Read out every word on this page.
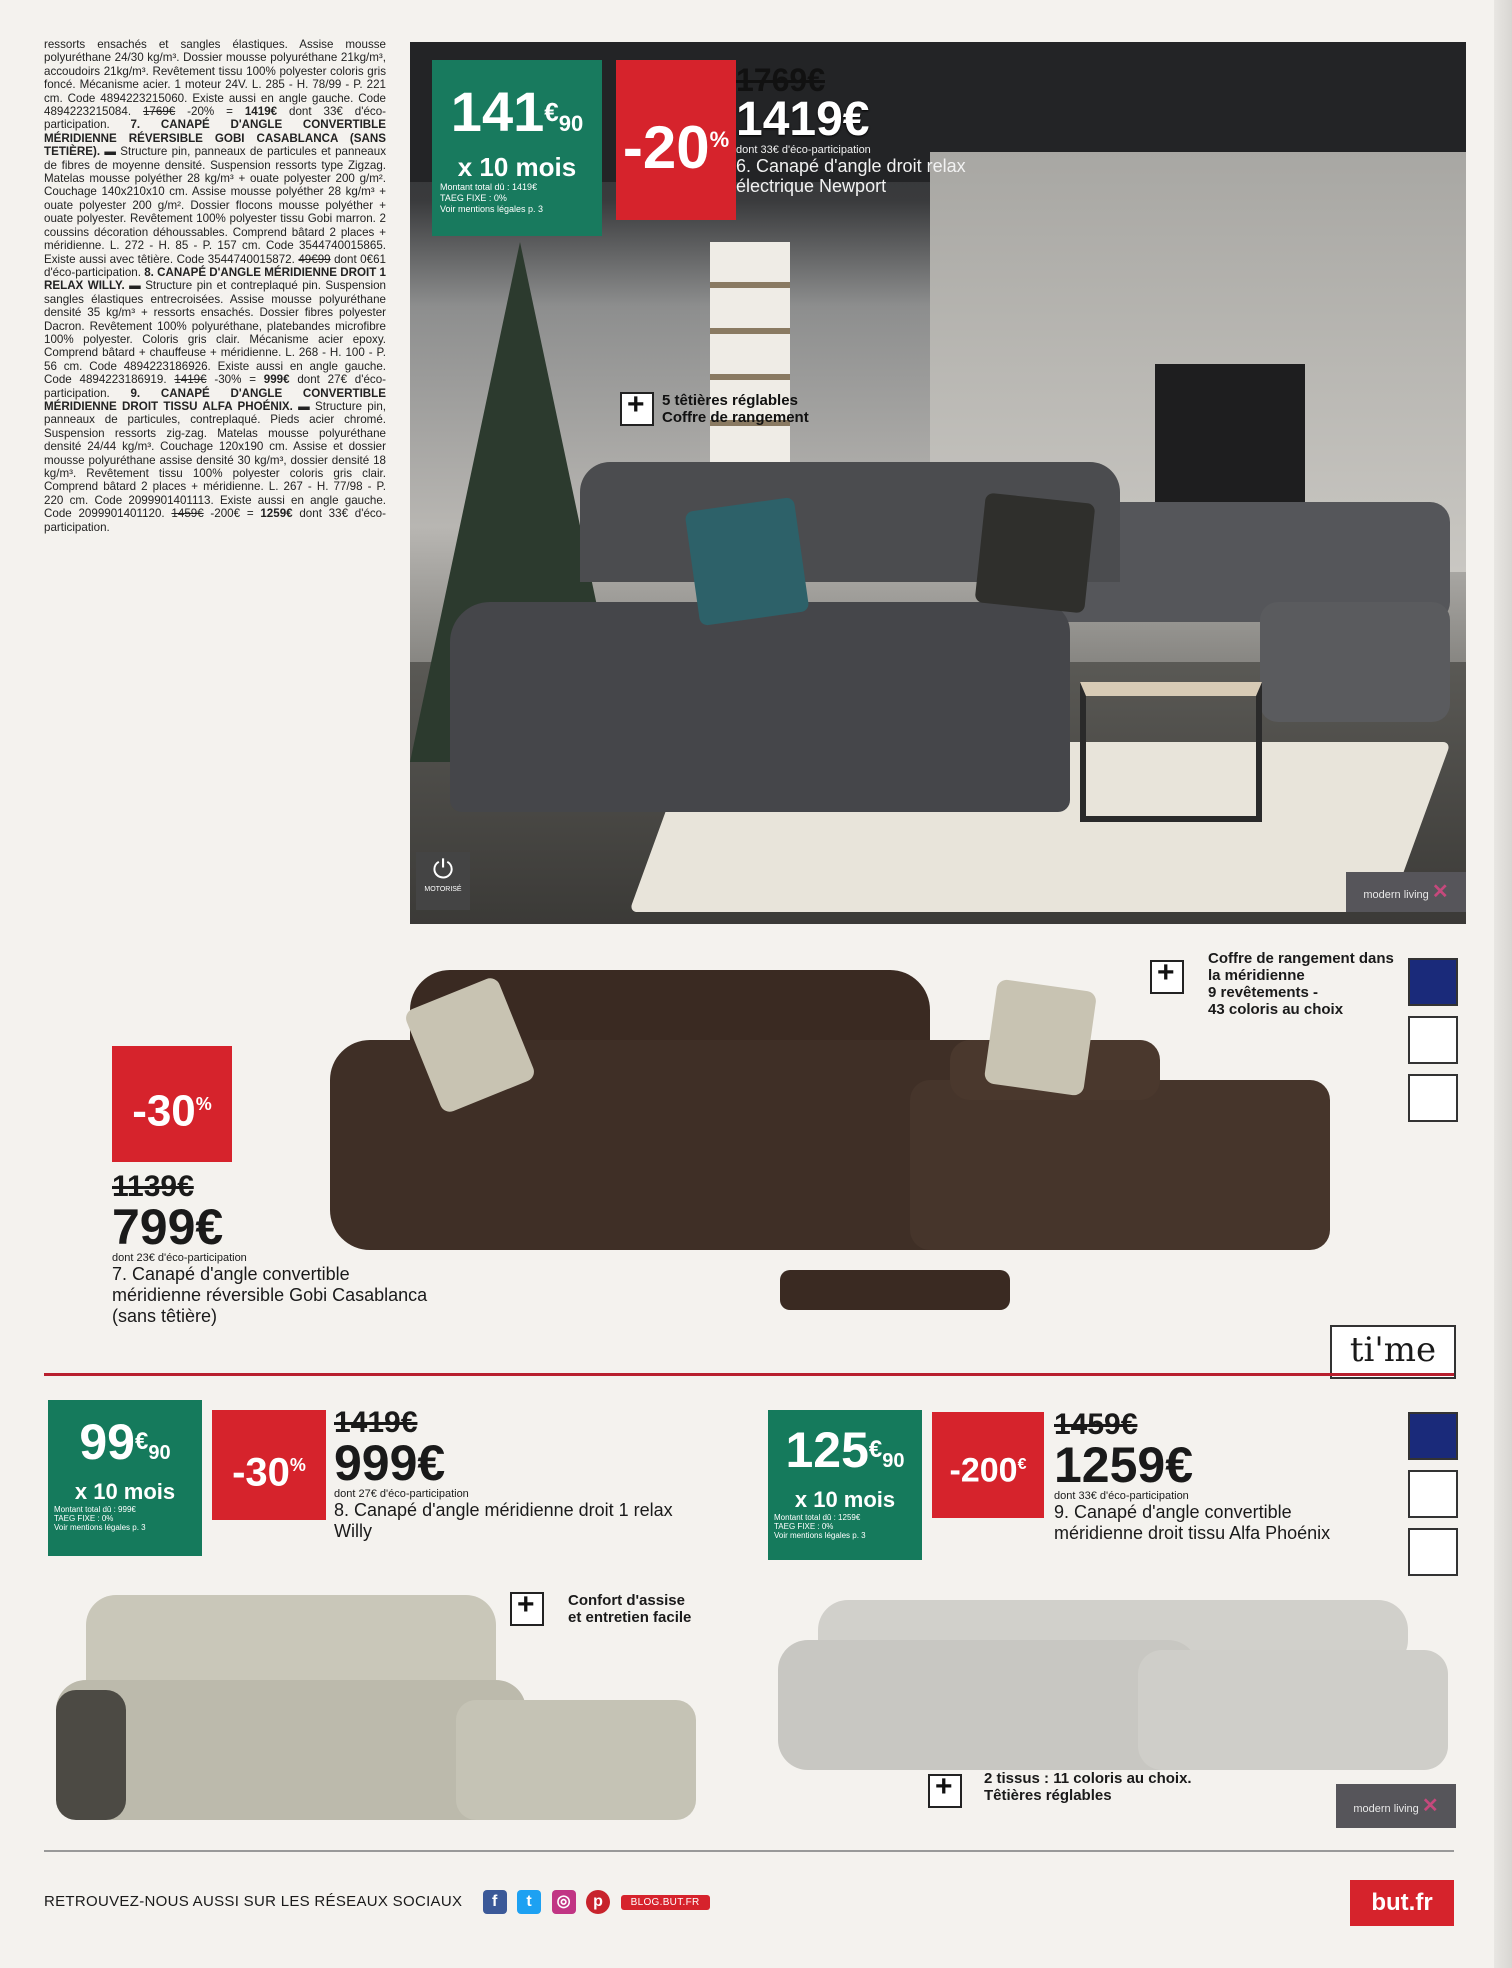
ressorts ensachés et sangles élastiques. Assise mousse polyuréthane 24/30 kg/m³. Dossier mousse polyuréthane 21kg/m³, accoudoirs 21kg/m³. Revêtement tissu 100% polyester coloris gris foncé. Mécanisme acier. 1 moteur 24V. L. 285 - H. 78/99 - P. 221 cm. Code 4894223215060. Existe aussi en angle gauche. Code 4894223215084. 1769€ -20% = 1419€ dont 33€ d'éco-participation. 7. CANAPÉ D'ANGLE CONVERTIBLE MÉRIDIENNE RÉVERSIBLE GOBI CASABLANCA (SANS TETIÈRE). ▬ Structure pin, panneaux de particules et panneaux de fibres de moyenne densité. Suspension ressorts type Zigzag. Matelas mousse polyéther 28 kg/m³ + ouate polyester 200 g/m². Couchage 140x210x10 cm. Assise mousse polyéther 28 kg/m³ + ouate polyester 200 g/m². Dossier flocons mousse polyéther + ouate polyester. Revêtement 100% polyester tissu Gobi marron. 2 coussins décoration déhoussables. Comprend bâtard 2 places + méridienne. L. 272 - H. 85 - P. 157 cm. Code 3544740015865. Existe aussi avec têtière. Code 3544740015872. 49€99 dont 0€61 d'éco-participation. 8. CANAPÉ D'ANGLE MÉRIDIENNE DROIT 1 RELAX WILLY. ▬ Structure pin et contreplaqué pin. Suspension sangles élastiques entrecroisées. Assise mousse polyuréthane densité 35 kg/m³ + ressorts ensachés. Dossier fibres polyester Dacron. Revêtement 100% polyuréthane, platebandes microfibre 100% polyester. Coloris gris clair. Mécanisme acier epoxy. Comprend bâtard + chauffeuse + méridienne. L. 268 - H. 100 - P. 56 cm. Code 4894223186926. Existe aussi en angle gauche. Code 4894223186919. 1419€ -30% = 999€ dont 27€ d'éco-participation. 9. CANAPÉ D'ANGLE CONVERTIBLE MÉRIDIENNE DROIT TISSU ALFA PHOÉNIX. ▬ Structure pin, panneaux de particules, contreplaqué. Pieds acier chromé. Suspension ressorts zig-zag. Matelas mousse polyuréthane densité 24/44 kg/m³. Couchage 120x190 cm. Assise et dossier mousse polyuréthane assise densité 30 kg/m³, dossier densité 18 kg/m³. Revêtement tissu 100% polyester coloris gris clair. Comprend bâtard 2 places + méridienne. L. 267 - H. 77/98 - P. 220 cm. Code 2099901401113. Existe aussi en angle gauche. Code 2099901401120. 1459€ -200€ = 1259€ dont 33€ d'éco-participation.
141€90
x 10 mois
Montant total dû : 1419€
TAEG FIXE : 0%
Voir mentions légales p. 3
-20%
1769€
1419€
dont 33€ d'éco-participation
6. Canapé d'angle droit relax électrique Newport
+
5 têtières réglables
Coffre de rangement
⏻
MOTORISÉ	modern living ✕
-30%
1139€
799€
dont 23€ d'éco-participation
7. Canapé d'angle convertible méridienne réversible Gobi Casablanca (sans têtière)
+
Coffre de rangement dans la méridienne
9 revêtements -
43 coloris au choix
ti'me
99€90
x 10 mois
Montant total dû : 999€
TAEG FIXE : 0%
Voir mentions légales p. 3
-30%
1419€
999€
dont 27€ d'éco-participation
8. Canapé d'angle méridienne droit 1 relax Willy
+
Confort d'assise
et entretien facile
125€90
x 10 mois
Montant total dû : 1259€
TAEG FIXE : 0%
Voir mentions légales p. 3
-200€
1459€
1259€
dont 33€ d'éco-participation
9. Canapé d'angle convertible méridienne droit tissu Alfa Phoénix
+
2 tissus : 11 coloris au choix.
Têtières réglables
modern living ✕
RETROUVEZ-NOUS AUSSI SUR LES RÉSEAUX SOCIAUX f t ◎ p	BLOG.BUT.FR	but.fr
